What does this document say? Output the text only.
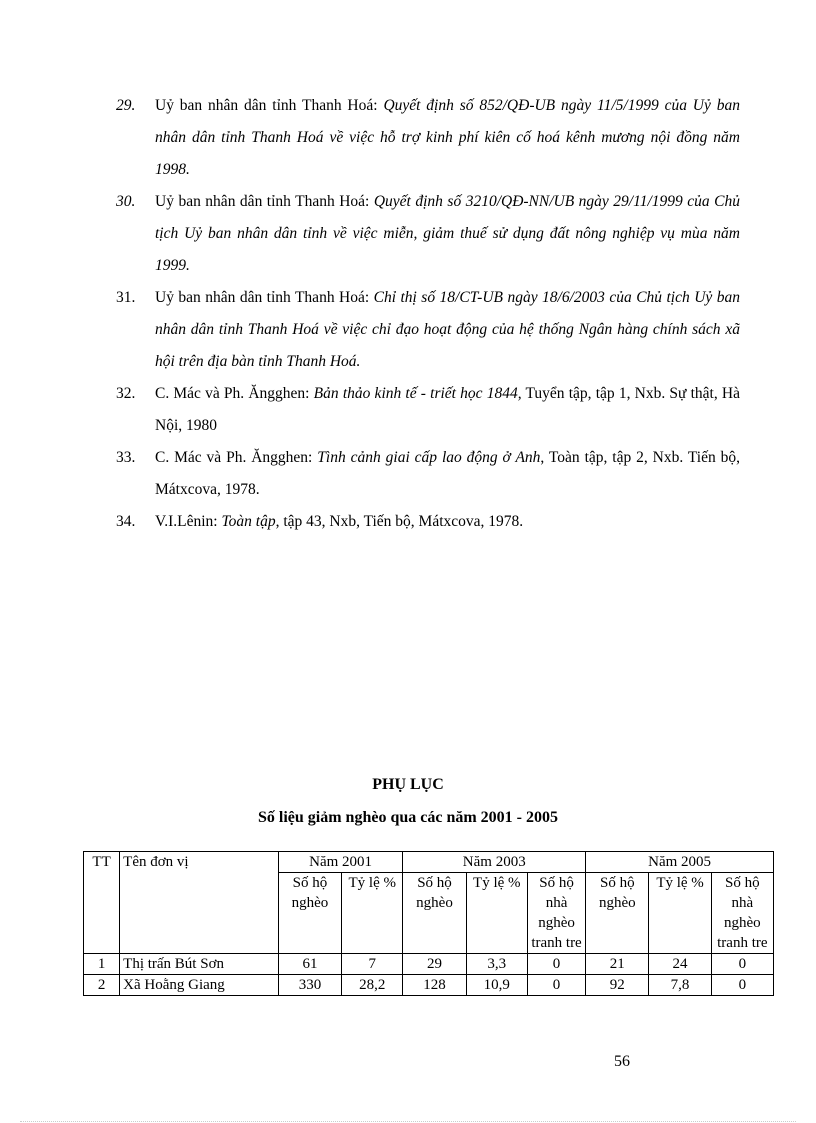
29.	Uỷ ban nhân dân tỉnh Thanh Hoá: Quyết định số 852/QĐ-UB ngày 11/5/1999 của Uỷ ban nhân dân tỉnh Thanh Hoá về việc hỗ trợ kinh phí kiên cố hoá kênh mương nội đồng năm 1998.
30.	Uỷ ban nhân dân tỉnh Thanh Hoá: Quyết định số 3210/QĐ-NN/UB ngày 29/11/1999 của Chủ tịch Uỷ ban nhân dân tỉnh về việc miễn, giảm thuế sử dụng đất nông nghiệp vụ mùa năm 1999.
31.	Uỷ ban nhân dân tỉnh Thanh Hoá: Chỉ thị số 18/CT-UB ngày 18/6/2003 của Chủ tịch Uỷ ban nhân dân tỉnh Thanh Hoá về việc chỉ đạo hoạt động của hệ thống Ngân hàng chính sách xã hội trên địa bàn tỉnh Thanh Hoá.
32.	C. Mác và Ph. Ăngghen: Bản thảo kinh tế - triết học 1844, Tuyển tập, tập 1, Nxb. Sự thật, Hà Nội, 1980
33.	C. Mác và Ph. Ăngghen: Tình cảnh giai cấp lao động ở Anh, Toàn tập, tập 2, Nxb. Tiến bộ, Mátxcova, 1978.
34.	V.I.Lênin: Toàn tập, tập 43, Nxb, Tiến bộ, Mátxcova, 1978.
PHỤ LỤC
Số liệu giảm nghèo qua các năm 2001 - 2005
TT	Tên đơn vị	Năm 2001		Năm 2003			Năm 2005		
		Số hộ nghèo	Tỷ lệ %	Số hộ nghèo	Tỷ lệ %	Số hộ nhà nghèo tranh tre	Số hộ nghèo	Tỷ lệ %	Số hộ nhà nghèo tranh tre
1	Thị trấn Bút Sơn	61	7	29	3,3	0	21	24	0
2	Xã Hoằng Giang	330	28,2	128	10,9	0	92	7,8	0
56
